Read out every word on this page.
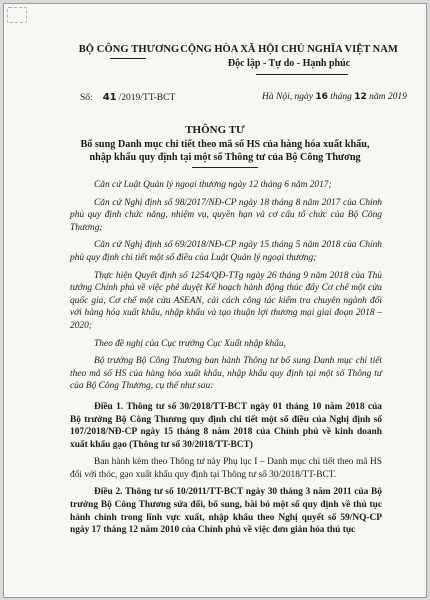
BỘ CÔNG THƯƠNG CỘNG HÒA XÃ HỘI CHỦ NGHĨA VIỆT NAM
Độc lập - Tự do - Hạnh phúc
Số: 41 /2019/TT-BCT	Hà Nội, ngày 16 tháng 12 năm 2019
THÔNG TƯ
Bổ sung Danh mục chi tiết theo mã số HS của hàng hóa xuất khẩu, nhập khẩu quy định tại một số Thông tư của Bộ Công Thương

Căn cứ Luật Quản lý ngoại thương ngày 12 tháng 6 năm 2017;

Căn cứ Nghị định số 98/2017/NĐ-CP ngày 18 tháng 8 năm 2017 của Chính phủ quy định chức năng, nhiệm vụ, quyền hạn và cơ cấu tổ chức của Bộ Công Thương;

Căn cứ Nghị định số 69/2018/NĐ-CP ngày 15 tháng 5 năm 2018 của Chính phủ quy định chi tiết một số điều của Luật Quản lý ngoại thương;

Thực hiện Quyết định số 1254/QĐ-TTg ngày 26 tháng 9 năm 2018 của Thủ tướng Chính phủ về việc phê duyệt Kế hoạch hành động thúc đẩy Cơ chế một cửa quốc gia, Cơ chế một cửa ASEAN, cải cách công tác kiểm tra chuyên ngành đối với hàng hóa xuất khẩu, nhập khẩu và tạo thuận lợi thương mại giai đoạn 2018 – 2020;

Theo đề nghị của Cục trưởng Cục Xuất nhập khẩu,

Bộ trưởng Bộ Công Thương ban hành Thông tư bổ sung Danh mục chi tiết theo mã số HS của hàng hóa xuất khẩu, nhập khẩu quy định tại một số Thông tư của Bộ Công Thương, cụ thể như sau:

Điều 1. Thông tư số 30/2018/TT-BCT ngày 01 tháng 10 năm 2018 của Bộ trưởng Bộ Công Thương quy định chi tiết một số điều của Nghị định số 107/2018/NĐ-CP ngày 15 tháng 8 năm 2018 của Chính phủ về kinh doanh xuất khẩu gạo (Thông tư số 30/2018/TT-BCT)

Ban hành kèm theo Thông tư này Phụ lục I – Danh mục chi tiết theo mã HS đối với thóc, gạo xuất khẩu quy định tại Thông tư số 30/2018/TT-BCT.

Điều 2. Thông tư số 10/2011/TT-BCT ngày 30 tháng 3 năm 2011 của Bộ trưởng Bộ Công Thương sửa đổi, bổ sung, bãi bỏ một số quy định về thủ tục hành chính trong lĩnh vực xuất, nhập khẩu theo Nghị quyết số 59/NQ-CP ngày 17 tháng 12 năm 2010 của Chính phủ về việc đơn giản hóa thủ tục
